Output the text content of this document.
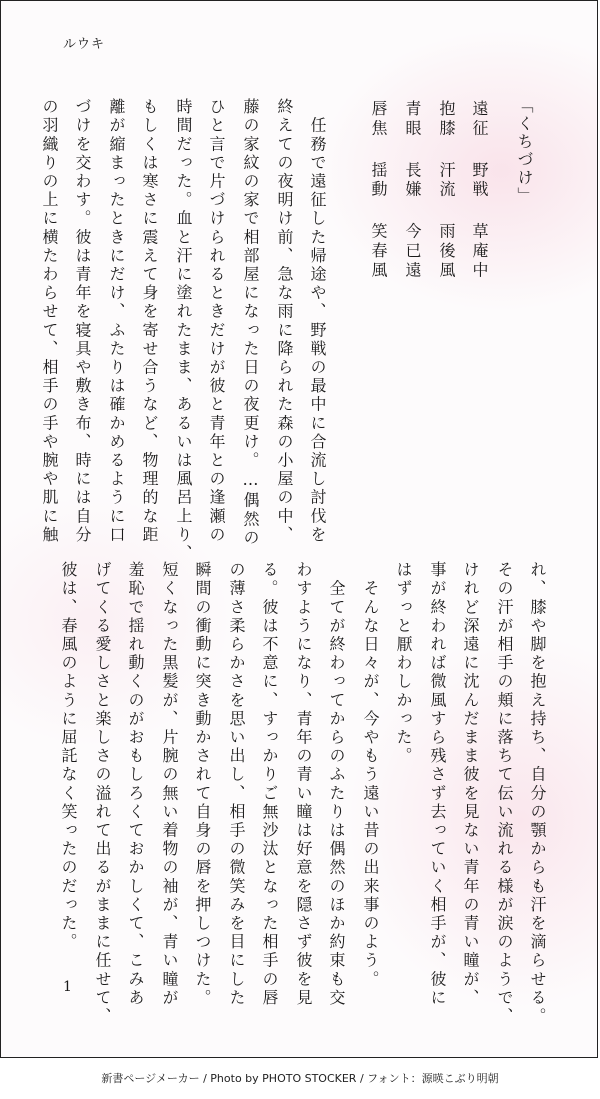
ルウキ
「くちづけ」
遠征 野戦 草庵中
抱膝 汗流 雨後風
青眼 長嫌 今已遠
唇焦 揺動 笑春風
　任務で遠征した帰途や、野戦の最中に合流し討伐を
終えての夜明け前、急な雨に降られた森の小屋の中、
藤の家紋の家で相部屋になった日の夜更け。…偶然の
ひと言で片づけられるときだけが彼と青年との逢瀬の
時間だった。血と汗に塗れたまま、あるいは風呂上り、
もしくは寒さに震えて身を寄せ合うなど、物理的な距
離が縮まったときにだけ、ふたりは確かめるように口
づけを交わす。彼は青年を寝具や敷き布、時には自分
の羽織りの上に横たわらせて、相手の手や腕や肌に触
れ、膝や脚を抱え持ち、自分の顎からも汗を滴らせる。
その汗が相手の頬に落ちて伝い流れる様が涙のようで、
けれど深遠に沈んだまま彼を見ない青年の青い瞳が、
事が終われば微風すら残さず去っていく相手が、彼に
はずっと厭わしかった。
　そんな日々が、今やもう遠い昔の出来事のよう。
　全てが終わってからのふたりは偶然のほか約束も交
わすようになり、青年の青い瞳は好意を隠さず彼を見
る。彼は不意に、すっかりご無沙汰となった相手の唇
の薄さ柔らかさを思い出し、相手の微笑みを目にした
瞬間の衝動に突き動かされて自身の唇を押しつけた。
短くなった黒髪が、片腕の無い着物の袖が、青い瞳が
羞恥で揺れ動くのがおもしろくておかしくて、こみあ
げてくる愛しさと楽しさの溢れて出るがままに任せて、
彼は、春風のように屈託なく笑ったのだった。
1
新書ページメーカー / Photo by PHOTO STOCKER / フォント：源暎こぶり明朝
